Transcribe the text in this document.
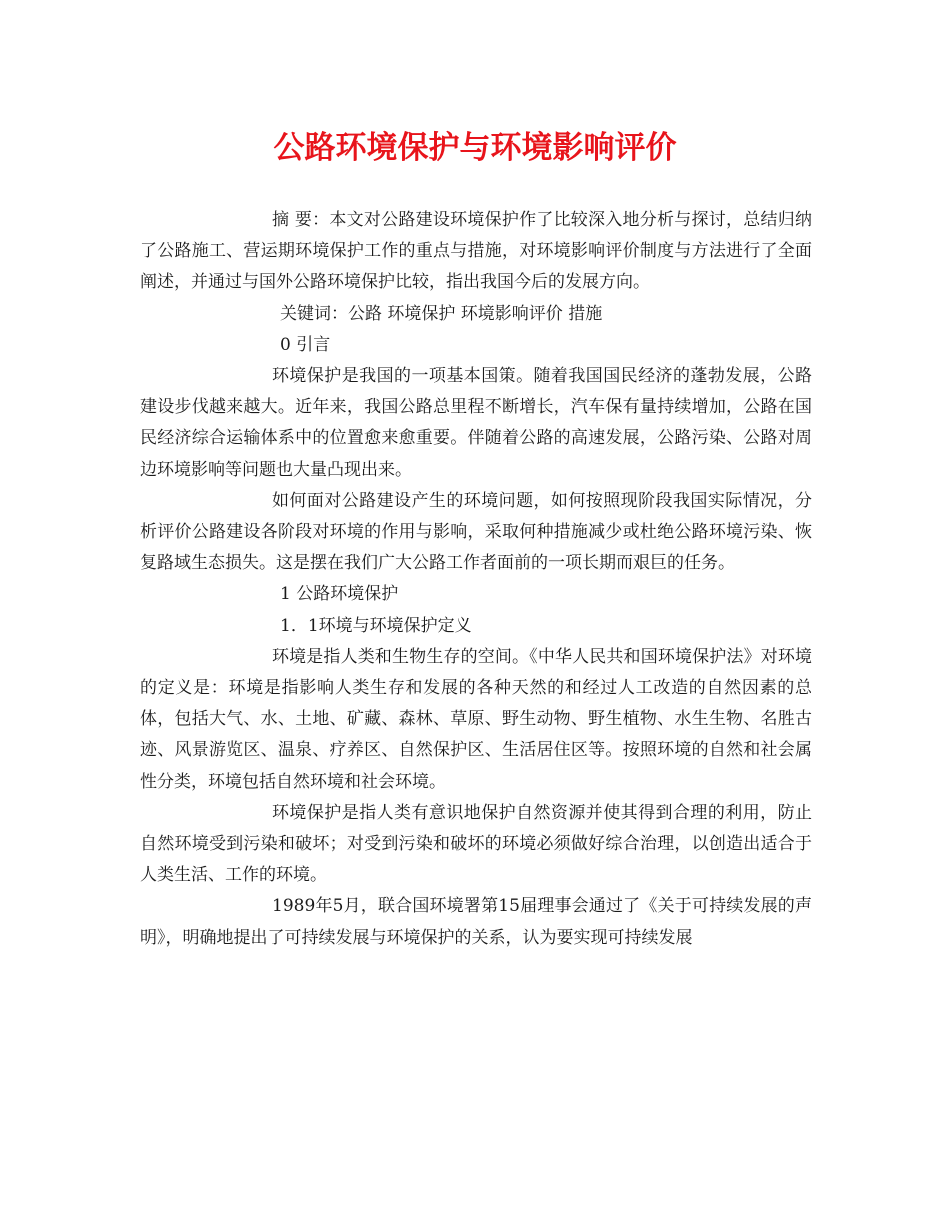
公路环境保护与环境影响评价

摘 要：本文对公路建设环境保护作了比较深入地分析与探讨，总结归纳了公路施工、营运期环境保护工作的重点与措施，对环境影响评价制度与方法进行了全面阐述，并通过与国外公路环境保护比较，指出我国今后的发展方向。

关键词：公路 环境保护 环境影响评价 措施

0 引言

环境保护是我国的一项基本国策。随着我国国民经济的蓬勃发展，公路建设步伐越来越大。近年来，我国公路总里程不断增长，汽车保有量持续增加，公路在国民经济综合运输体系中的位置愈来愈重要。伴随着公路的高速发展，公路污染、公路对周边环境影响等问题也大量凸现出来。

如何面对公路建设产生的环境问题，如何按照现阶段我国实际情况，分析评价公路建设各阶段对环境的作用与影响，采取何种措施减少或杜绝公路环境污染、恢复路域生态损失。这是摆在我们广大公路工作者面前的一项长期而艰巨的任务。

1 公路环境保护

1．1环境与环境保护定义

环境是指人类和生物生存的空间。《中华人民共和国环境保护法》对环境的定义是：环境是指影响人类生存和发展的各种天然的和经过人工改造的自然因素的总体，包括大气、水、土地、矿藏、森林、草原、野生动物、野生植物、水生生物、名胜古迹、风景游览区、温泉、疗养区、自然保护区、生活居住区等。按照环境的自然和社会属性分类，环境包括自然环境和社会环境。

环境保护是指人类有意识地保护自然资源并使其得到合理的利用，防止自然环境受到污染和破坏；对受到污染和破坏的环境必须做好综合治理，以创造出适合于人类生活、工作的环境。

1989年5月，联合国环境署第15届理事会通过了《关于可持续发展的声明》，明确地提出了可持续发展与环境保护的关系，认为要实现可持续发展
